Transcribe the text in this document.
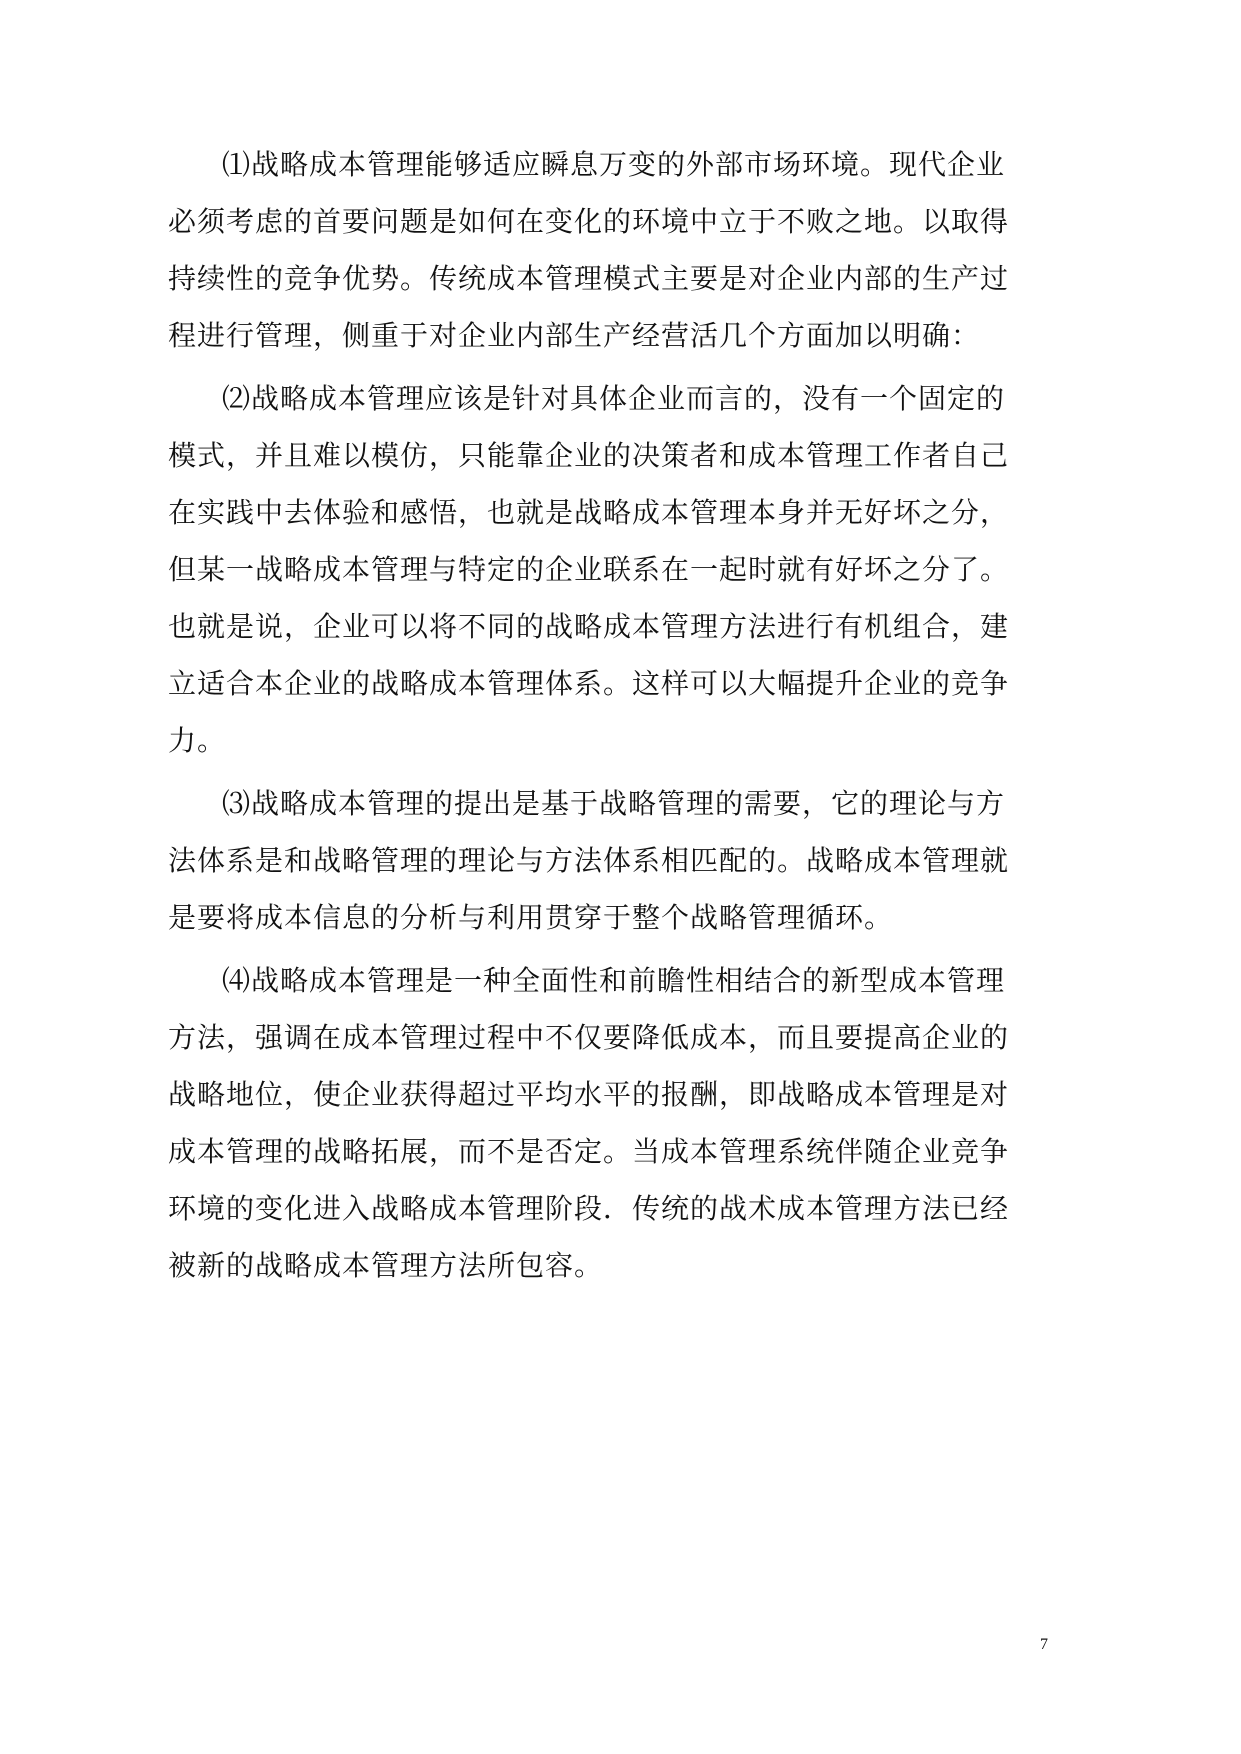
⑴战略成本管理能够适应瞬息万变的外部市场环境。现代企业
必须考虑的首要问题是如何在变化的环境中立于不败之地。以取得
持续性的竞争优势。传统成本管理模式主要是对企业内部的生产过
程进行管理，侧重于对企业内部生产经营活几个方面加以明确：
⑵战略成本管理应该是针对具体企业而言的，没有一个固定的
模式，并且难以模仿，只能靠企业的决策者和成本管理工作者自己
在实践中去体验和感悟，也就是战略成本管理本身并无好坏之分，
但某一战略成本管理与特定的企业联系在一起时就有好坏之分了。
也就是说，企业可以将不同的战略成本管理方法进行有机组合，建
立适合本企业的战略成本管理体系。这样可以大幅提升企业的竞争
力。
⑶战略成本管理的提出是基于战略管理的需要，它的理论与方
法体系是和战略管理的理论与方法体系相匹配的。战略成本管理就
是要将成本信息的分析与利用贯穿于整个战略管理循环。
⑷战略成本管理是一种全面性和前瞻性相结合的新型成本管理
方法，强调在成本管理过程中不仅要降低成本，而且要提高企业的
战略地位，使企业获得超过平均水平的报酬，即战略成本管理是对
成本管理的战略拓展，而不是否定。当成本管理系统伴随企业竞争
环境的变化进入战略成本管理阶段．传统的战术成本管理方法已经
被新的战略成本管理方法所包容。
7
